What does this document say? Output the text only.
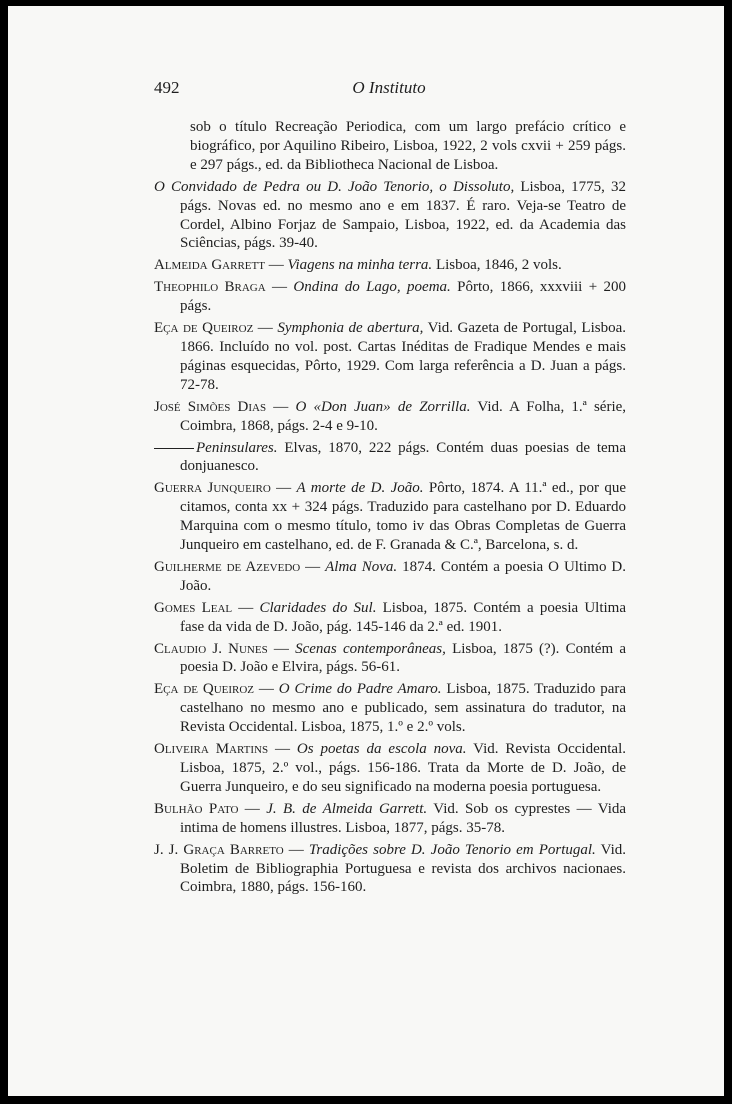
492	O Instituto

sob o título Recreação Periodica, com um largo prefácio crítico e biográfico, por Aquilino Ribeiro, Lisboa, 1922, 2 vols cxvii + 259 págs. e 297 págs., ed. da Bibliotheca Nacional de Lisboa.

O Convidado de Pedra ou D. João Tenorio, o Dissoluto, Lisboa, 1775, 32 págs. Novas ed. no mesmo ano e em 1837. É raro. Veja-se Teatro de Cordel, Albino Forjaz de Sampaio, Lisboa, 1922, ed. da Academia das Sciências, págs. 39-40.

Almeida Garrett — Viagens na minha terra. Lisboa, 1846, 2 vols.

Theophilo Braga — Ondina do Lago, poema. Pôrto, 1866, xxxviii + 200 págs.

Eça de Queiroz — Symphonia de abertura, Vid. Gazeta de Portugal, Lisboa. 1866. Incluído no vol. post. Cartas Inéditas de Fradique Mendes e mais páginas esquecidas, Pôrto, 1929. Com larga referência a D. Juan a págs. 72-78.

José Simões Dias — O «Don Juan» de Zorrilla. Vid. A Folha, 1.ª série, Coimbra, 1868, págs. 2-4 e 9-10.

Peninsulares. Elvas, 1870, 222 págs. Contém duas poesias de tema donjuanesco.

Guerra Junqueiro — A morte de D. João. Pôrto, 1874. A 11.ª ed., por que citamos, conta xx + 324 págs. Traduzido para castelhano por D. Eduardo Marquina com o mesmo título, tomo iv das Obras Completas de Guerra Junqueiro em castelhano, ed. de F. Granada & C.ª, Barcelona, s. d.

Guilherme de Azevedo — Alma Nova. 1874. Contém a poesia O Ultimo D. João.

Gomes Leal — Claridades do Sul. Lisboa, 1875. Contém a poesia Ultima fase da vida de D. João, pág. 145-146 da 2.ª ed. 1901.

Claudio J. Nunes — Scenas contemporâneas, Lisboa, 1875 (?). Contém a poesia D. João e Elvira, págs. 56-61.

Eça de Queiroz — O Crime do Padre Amaro. Lisboa, 1875. Traduzido para castelhano no mesmo ano e publicado, sem assinatura do tradutor, na Revista Occidental. Lisboa, 1875, 1.º e 2.º vols.

Oliveira Martins — Os poetas da escola nova. Vid. Revista Occidental. Lisboa, 1875, 2.º vol., págs. 156-186. Trata da Morte de D. João, de Guerra Junqueiro, e do seu significado na moderna poesia portuguesa.

Bulhão Pato — J. B. de Almeida Garrett. Vid. Sob os cyprestes — Vida intima de homens illustres. Lisboa, 1877, págs. 35-78.

J. J. Graça Barreto — Tradições sobre D. João Tenorio em Portugal. Vid. Boletim de Bibliographia Portuguesa e revista dos archivos nacionaes. Coimbra, 1880, págs. 156-160.
